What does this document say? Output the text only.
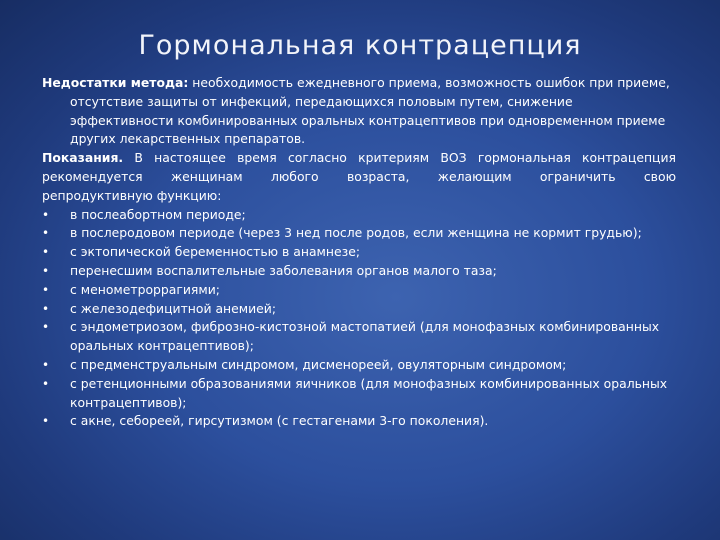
Гормональная контрацепция

Недостатки метода: необходимость ежедневного приема, возможность ошибок при приеме, отсутствие защиты от инфекций, передающихся половым путем, снижение эффективности комбинированных оральных контрацептивов при одновременном приеме других лекарственных препаратов.

Показания. В настоящее время согласно критериям ВОЗ гормональная контрацепция
рекомендуется женщинам любого возраста, желающим ограничить свою
репродуктивную функцию:

•	в послеабортном периоде;
•	в послеродовом периоде (через 3 нед после родов, если женщина не кормит грудью);
•	с эктопической беременностью в анамнезе;
•	перенесшим воспалительные заболевания органов малого таза;
•	с менометроррагиями;
•	с железодефицитной анемией;
•	с эндометриозом, фиброзно-кистозной мастопатией (для монофазных комбинированных оральных контрацептивов);
•	с предменструальным синдромом, дисменореей, овуляторным синдромом;
•	с ретенционными образованиями яичников (для монофазных комбинированных оральных контрацептивов);
•	с акне, себореей, гирсутизмом (с гестагенами 3-го поколения).
